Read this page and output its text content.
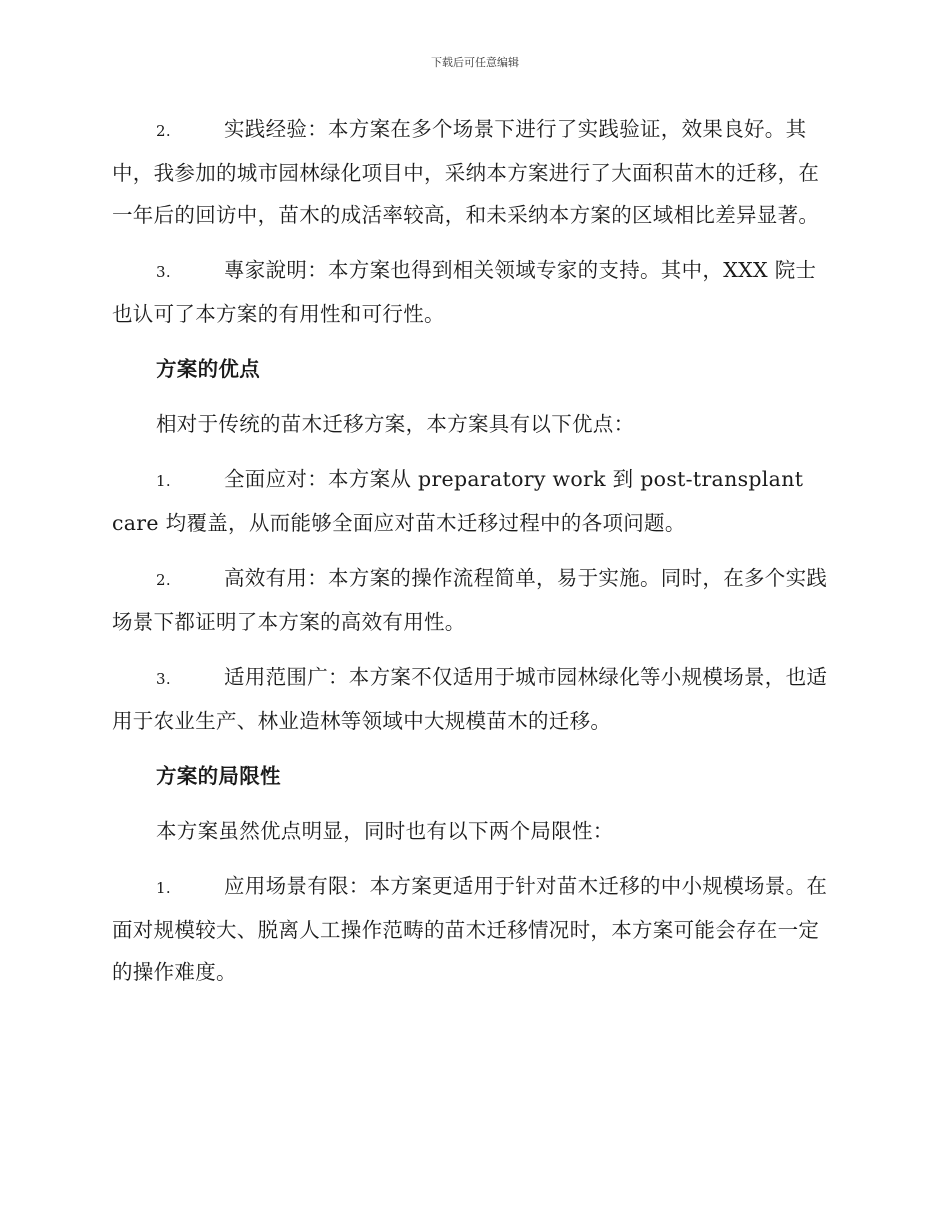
下载后可任意编辑

2.	实践经验：本方案在多个场景下进行了实践验证，效果良好。其中，我参加的城市园林绿化项目中，采纳本方案进行了大面积苗木的迁移，在一年后的回访中，苗木的成活率较高，和未采纳本方案的区域相比差异显著。

3.	專家說明：本方案也得到相关领域专家的支持。其中，XXX 院士也认可了本方案的有用性和可行性。

方案的优点

相对于传统的苗木迁移方案，本方案具有以下优点：

1.	全面应对：本方案从 preparatory work 到 post-transplant care 均覆盖，从而能够全面应对苗木迁移过程中的各项问题。

2.	高效有用：本方案的操作流程简单，易于实施。同时，在多个实践场景下都证明了本方案的高效有用性。

3.	适用范围广：本方案不仅适用于城市园林绿化等小规模场景，也适用于农业生产、林业造林等领域中大规模苗木的迁移。

方案的局限性

本方案虽然优点明显，同时也有以下两个局限性：

1.	应用场景有限：本方案更适用于针对苗木迁移的中小规模场景。在面对规模较大、脱离人工操作范畴的苗木迁移情况时，本方案可能会存在一定的操作难度。
